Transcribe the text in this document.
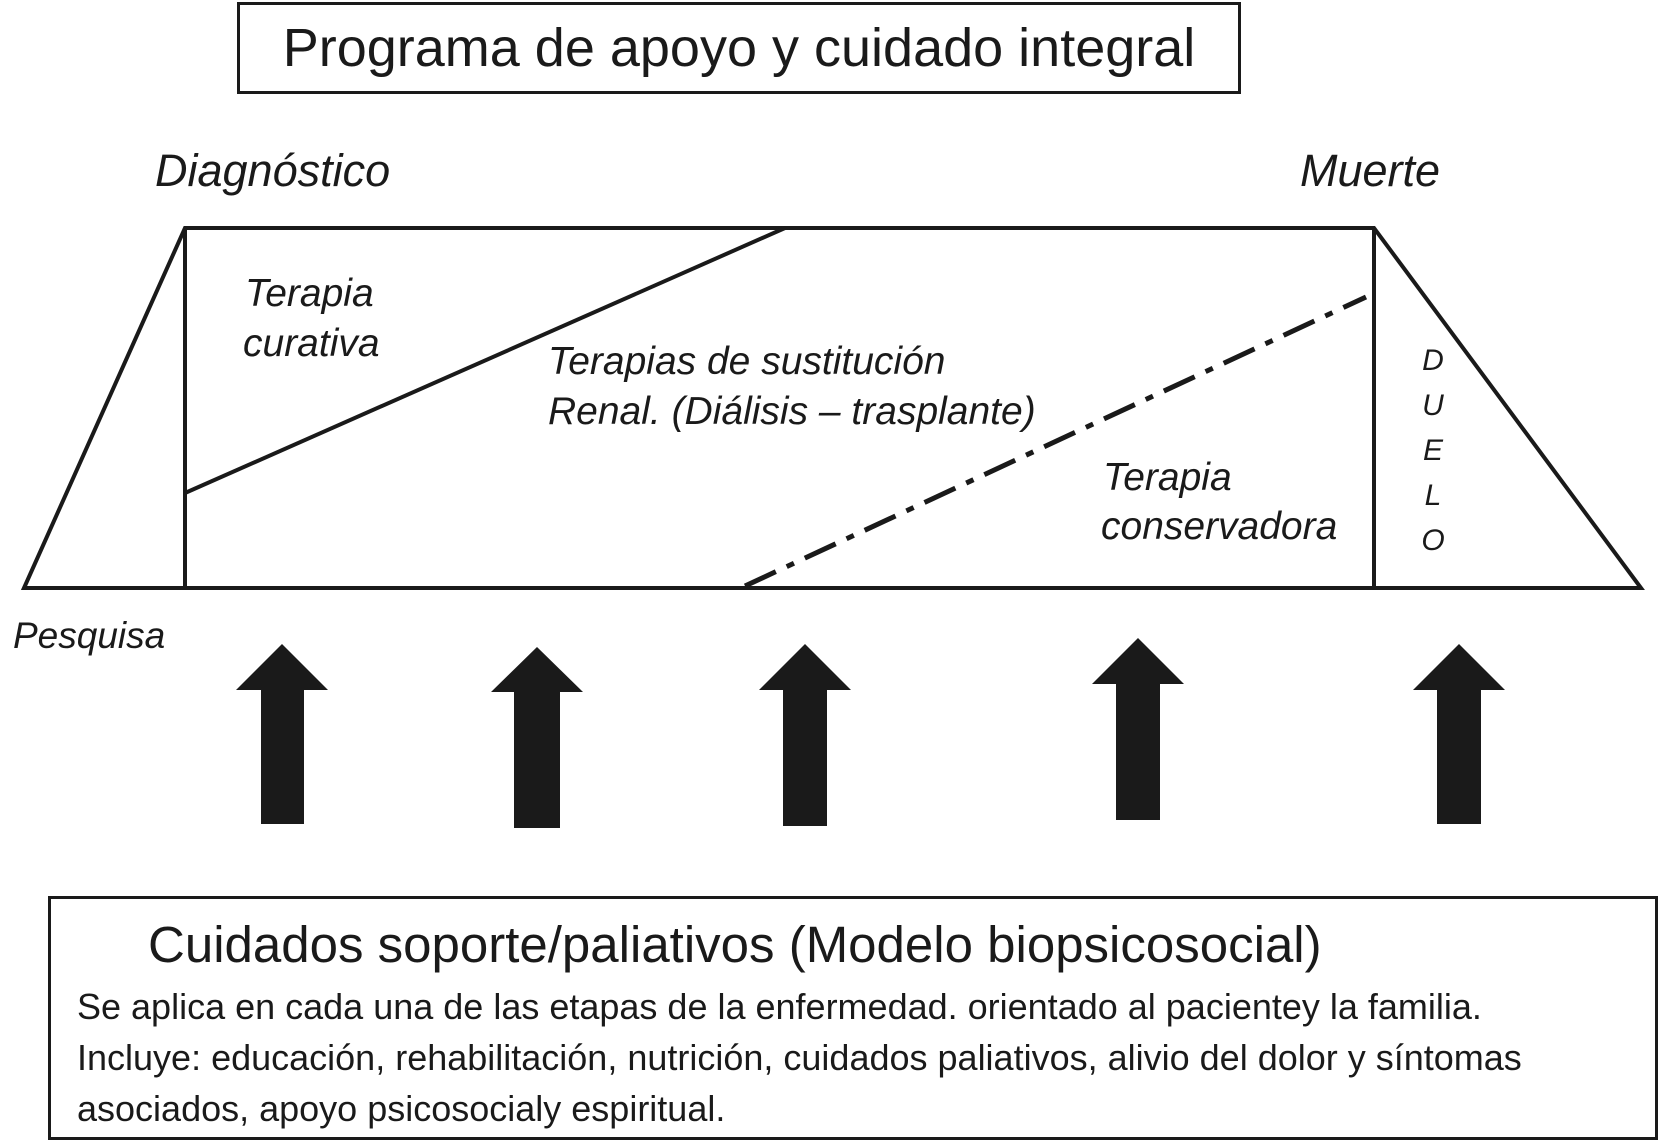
Programa de apoyo y cuidado integral
Diagnóstico	Muerte
Pesquisa
Terapia
curativa	Terapias de sustitución
Renal. (Diálisis – trasplante)
Terapia
conservadora
D
U
E
L
O
Cuidados soporte/paliativos (Modelo biopsicosocial)
Se aplica en cada una de las etapas de la enfermedad. orientado al pacientey la familia. Incluye: educación, rehabilitación, nutrición, cuidados paliativos, alivio del dolor y síntomas asociados, apoyo psicosocialy espiritual.
